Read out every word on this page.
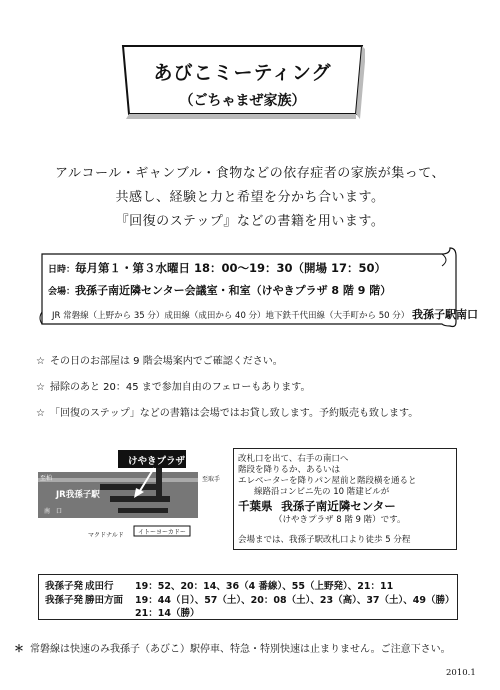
あびこミーティング
（ごちゃまぜ家族）
アルコール・ギャンブル・食物などの依存症者の家族が集って、
共感し、経験と力と希望を分かち合います。
『回復のステップ』などの書籍を用います。
日時：毎月第１・第３水曜日 18：00〜19：30（開場 17：50）
会場：我孫子南近隣センター会議室・和室（けやきプラザ 8 階 9 階）
JR 常磐線（上野から 35 分）成田線（成田から 40 分）地下鉄千代田線（大手町から 50 分） 我孫子駅南口
☆ その日のお部屋は 9 階会場案内でご確認ください。
☆ 掃除のあと 20：45 まで参加自由のフェローもあります。
☆ 「回復のステップ」などの書籍は会場ではお貸し致します。予約販売も致します。
けやきプラザ
JR我孫子駅
至柏	至取手
南　口
マクドナルド イトーヨーカドー
改札口を出て、右手の南口へ
階段を降りるか、あるいは
エレベーターを降りパン屋前と階段横を通ると
線路沿コンビニ先の 10 階建ビルが
千葉県 我孫子南近隣センター
（けやきプラザ 8 階 9 階）です。
会場までは、我孫子駅改札口より徒歩 5 分程
我孫子発 成田行 19：52、20：14、36（4 番線）、55（上野発）、21：11
我孫子発 勝田方面 19：44（日）、57（土）、20：08（土）、23（高）、37（土）、49（勝）
21：14（勝）
＊ 常磐線は快速のみ我孫子（あびこ）駅停車、特急・特別快速は止まりません。ご注意下さい。
2010.1
